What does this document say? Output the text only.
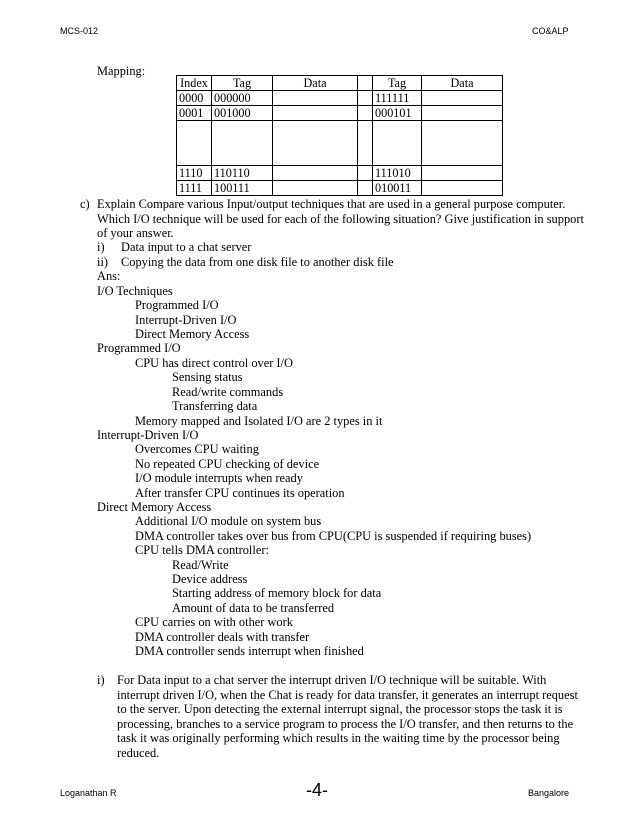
MCS-012	CO&ALP
Mapping:
Index	Tag	Data		Tag	Data
0000	000000			111111	
0001	001000			000101	

1110	110110			111010	
1111	100111			010011	
c) Explain Compare various Input/output techniques that are used in a general purpose computer.
Which I/O technique will be used for each of the following situation? Give justification in support
of your answer.
i) Data input to a chat server
ii) Copying the data from one disk file to another disk file
Ans:
I/O Techniques
Programmed I/O
Interrupt-Driven I/O
Direct Memory Access
Programmed I/O
CPU has direct control over I/O
Sensing status
Read/write commands
Transferring data
Memory mapped and Isolated I/O are 2 types in it
Interrupt-Driven I/O
Overcomes CPU waiting
No repeated CPU checking of device
I/O module interrupts when ready
After transfer CPU continues its operation
Direct Memory Access
Additional I/O module on system bus
DMA controller takes over bus from CPU(CPU is suspended if requiring buses)
CPU tells DMA controller:
Read/Write
Device address
Starting address of memory block for data
Amount of data to be transferred
CPU carries on with other work
DMA controller deals with transfer
DMA controller sends interrupt when finished
i) For Data input to a chat server the interrupt driven I/O technique will be suitable. With
interrupt driven I/O, when the Chat is ready for data transfer, it generates an interrupt request
to the server. Upon detecting the external interrupt signal, the processor stops the task it is
processing, branches to a service program to process the I/O transfer, and then returns to the
task it was originally performing which results in the waiting time by the processor being
reduced.
Loganathan R	-4-	Bangalore
